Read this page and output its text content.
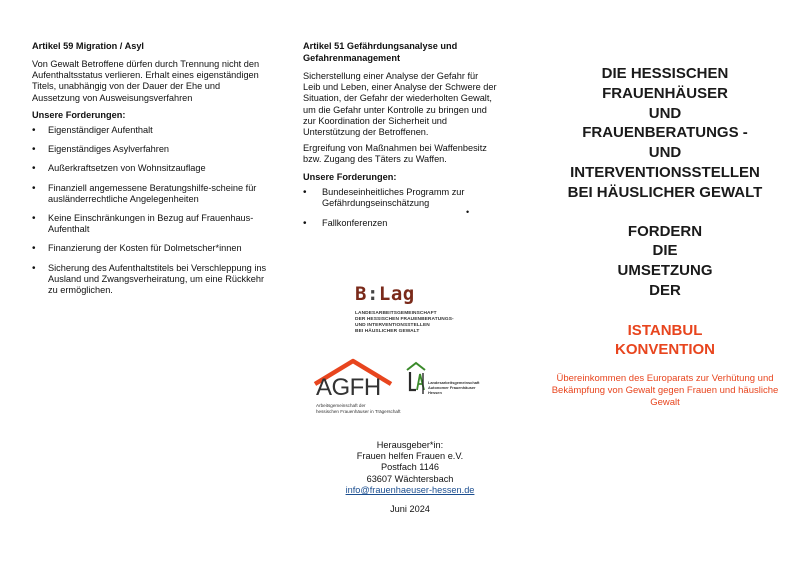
Artikel 59 Migration / Asyl
Von Gewalt Betroffene dürfen durch Trennung nicht den Aufenthaltsstatus verlieren. Erhalt eines eigenständigen Titels, unabhängig von der Dauer der Ehe und Aussetzung von Ausweisungsverfahren
Unsere Forderungen:
• Eigenständiger Aufenthalt
• Eigenständiges Asylverfahren
• Außerkraftsetzen von Wohnsitzauflage
• Finanziell angemessene Beratungshilfe-scheine für ausländerrechtliche Angelegenheiten
• Keine Einschränkungen in Bezug auf Frauenhaus-Aufenthalt
• Finanzierung der Kosten für Dolmetscher*innen
• Sicherung des Aufenthaltstitels bei Verschleppung ins Ausland und Zwangsverheiratung, um eine Rückkehr zu ermöglichen.
Artikel 51 Gefährdungsanalyse und Gefahrenmanagement
Sicherstellung einer Analyse der Gefahr für Leib und Leben, einer Analyse der Schwere der Situation, der Gefahr der wiederholten Gewalt, um die Gefahr unter Kontrolle zu bringen und zur Koordination der Sicherheit und Unterstützung der Betroffenen.
Ergreifung von Maßnahmen bei Waffenbesitz bzw. Zugang des Täters zu Waffen.
Unsere Forderungen:
• Bundeseinheitliches Programm zur Gefährdungseinschätzung
• Fallkonferenzen
•
B:Lag
LANDESARBEITSGEMEINSCHAFT
DER HESSISCHEN FRAUENBERATUNGS-
UND INTERVENTIONSSTELLEN
BEI HÄUSLICHER GEWALT
AGFH
Arbeitsgemeinschaft der
hessischen Frauenhäuser in Trägerschaft
Landesarbeitsgemeinschaft
Autonomer Frauenhäuser Hessen
Herausgeber*in:
Frauen helfen Frauen e.V.
Postfach 1146
63607 Wächtersbach
info@frauenhaeuser-hessen.de
Juni 2024
DIE HESSISCHEN
FRAUENHÄUSER
UND
FRAUENBERATUNGS -
UND
INTERVENTIONSSTELLEN
BEI HÄUSLICHER GEWALT
FORDERN
DIE
UMSETZUNG
DER
ISTANBUL
KONVENTION
Übereinkommen des Europarats zur Verhütung und Bekämpfung von Gewalt gegen Frauen und häusliche Gewalt
